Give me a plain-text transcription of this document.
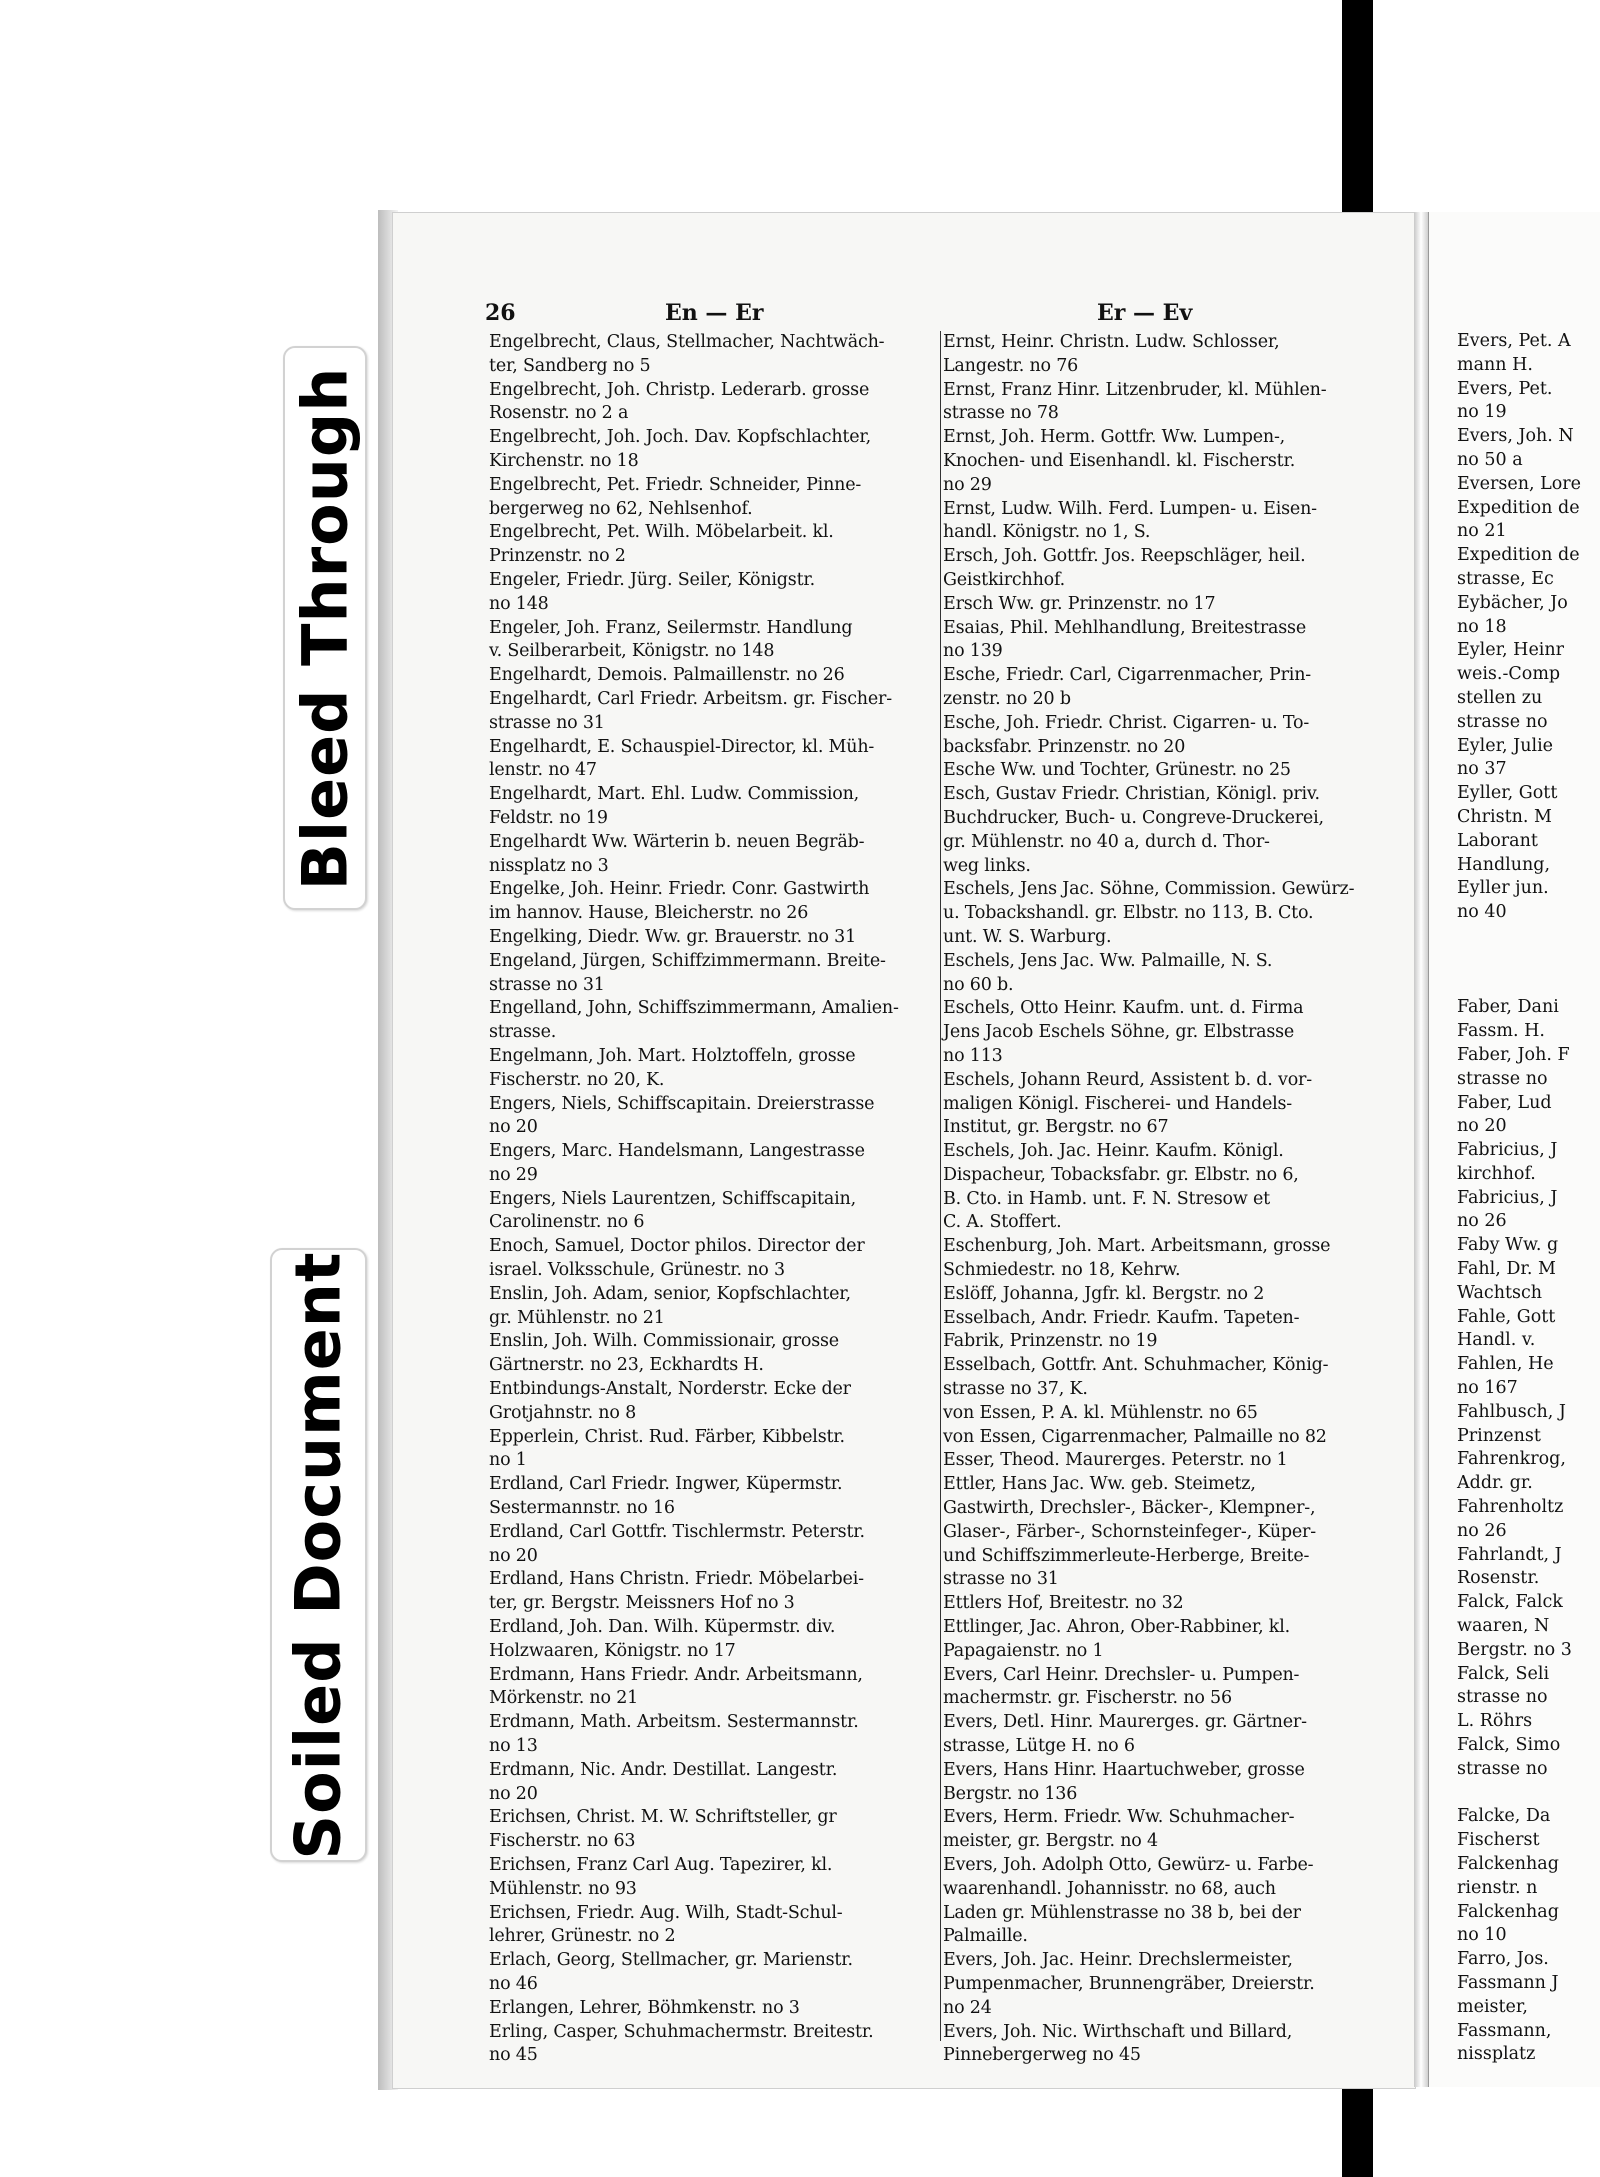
26	En — Er	Er — Ev
Engelbrecht, Claus, Stellmacher, Nachtwäch-
ter, Sandberg no 5
Engelbrecht, Joh. Christp. Lederarb. grosse
Rosenstr. no 2 a
Engelbrecht, Joh. Joch. Dav. Kopfschlachter,
Kirchenstr. no 18
Engelbrecht, Pet. Friedr. Schneider, Pinne-
bergerweg no 62, Nehlsenhof.
Engelbrecht, Pet. Wilh. Möbelarbeit. kl.
Prinzenstr. no 2
Engeler, Friedr. Jürg. Seiler, Königstr.
no 148
Engeler, Joh. Franz, Seilermstr. Handlung
v. Seilberarbeit, Königstr. no 148
Engelhardt, Demois. Palmaillenstr. no 26
Engelhardt, Carl Friedr. Arbeitsm. gr. Fischer-
strasse no 31
Engelhardt, E. Schauspiel-Director, kl. Müh-
lenstr. no 47
Engelhardt, Mart. Ehl. Ludw. Commission,
Feldstr. no 19
Engelhardt Ww. Wärterin b. neuen Begräb-
nissplatz no 3
Engelke, Joh. Heinr. Friedr. Conr. Gastwirth
im hannov. Hause, Bleicherstr. no 26
Engelking, Diedr. Ww. gr. Brauerstr. no 31
Engeland, Jürgen, Schiffzimmermann. Breite-
strasse no 31
Engelland, John, Schiffszimmermann, Amalien-
strasse.
Engelmann, Joh. Mart. Holztoffeln, grosse
Fischerstr. no 20, K.
Engers, Niels, Schiffscapitain. Dreierstrasse
no 20
Engers, Marc. Handelsmann, Langestrasse
no 29
Engers, Niels Laurentzen, Schiffscapitain,
Carolinenstr. no 6
Enoch, Samuel, Doctor philos. Director der
israel. Volksschule, Grünestr. no 3
Enslin, Joh. Adam, senior, Kopfschlachter,
gr. Mühlenstr. no 21
Enslin, Joh. Wilh. Commissionair, grosse
Gärtnerstr. no 23, Eckhardts H.
Entbindungs-Anstalt, Norderstr. Ecke der
Grotjahnstr. no 8
Epperlein, Christ. Rud. Färber, Kibbelstr.
no 1
Erdland, Carl Friedr. Ingwer, Küpermstr.
Sestermannstr. no 16
Erdland, Carl Gottfr. Tischlermstr. Peterstr.
no 20
Erdland, Hans Christn. Friedr. Möbelarbei-
ter, gr. Bergstr. Meissners Hof no 3
Erdland, Joh. Dan. Wilh. Küpermstr. div.
Holzwaaren, Königstr. no 17
Erdmann, Hans Friedr. Andr. Arbeitsmann,
Mörkenstr. no 21
Erdmann, Math. Arbeitsm. Sestermannstr.
no 13
Erdmann, Nic. Andr. Destillat. Langestr.
no 20
Erichsen, Christ. M. W. Schriftsteller, gr
Fischerstr. no 63
Erichsen, Franz Carl Aug. Tapezirer, kl.
Mühlenstr. no 93
Erichsen, Friedr. Aug. Wilh, Stadt-Schul-
lehrer, Grünestr. no 2
Erlach, Georg, Stellmacher, gr. Marienstr.
no 46
Erlangen, Lehrer, Böhmkenstr. no 3
Erling, Casper, Schuhmachermstr. Breitestr.
no 45
Ernst, Heinr. Christn. Ludw. Schlosser,
Langestr. no 76
Ernst, Franz Hinr. Litzenbruder, kl. Mühlen-
strasse no 78
Ernst, Joh. Herm. Gottfr. Ww. Lumpen-,
Knochen- und Eisenhandl. kl. Fischerstr.
no 29
Ernst, Ludw. Wilh. Ferd. Lumpen- u. Eisen-
handl. Königstr. no 1, S.
Ersch, Joh. Gottfr. Jos. Reepschläger, heil.
Geistkirchhof.
Ersch Ww. gr. Prinzenstr. no 17
Esaias, Phil. Mehlhandlung, Breitestrasse
no 139
Esche, Friedr. Carl, Cigarrenmacher, Prin-
zenstr. no 20 b
Esche, Joh. Friedr. Christ. Cigarren- u. To-
backsfabr. Prinzenstr. no 20
Esche Ww. und Tochter, Grünestr. no 25
Esch, Gustav Friedr. Christian, Königl. priv.
Buchdrucker, Buch- u. Congreve-Druckerei,
gr. Mühlenstr. no 40 a, durch d. Thor-
weg links.
Eschels, Jens Jac. Söhne, Commission. Gewürz-
u. Tobackshandl. gr. Elbstr. no 113, B. Cto.
unt. W. S. Warburg.
Eschels, Jens Jac. Ww. Palmaille, N. S.
no 60 b.
Eschels, Otto Heinr. Kaufm. unt. d. Firma
Jens Jacob Eschels Söhne, gr. Elbstrasse
no 113
Eschels, Johann Reurd, Assistent b. d. vor-
maligen Königl. Fischerei- und Handels-
Institut, gr. Bergstr. no 67
Eschels, Joh. Jac. Heinr. Kaufm. Königl.
Dispacheur, Tobacksfabr. gr. Elbstr. no 6,
B. Cto. in Hamb. unt. F. N. Stresow et
C. A. Stoffert.
Eschenburg, Joh. Mart. Arbeitsmann, grosse
Schmiedestr. no 18, Kehrw.
Eslöff, Johanna, Jgfr. kl. Bergstr. no 2
Esselbach, Andr. Friedr. Kaufm. Tapeten-
Fabrik, Prinzenstr. no 19
Esselbach, Gottfr. Ant. Schuhmacher, König-
strasse no 37, K.
von Essen, P. A. kl. Mühlenstr. no 65
von Essen, Cigarrenmacher, Palmaille no 82
Esser, Theod. Maurerges. Peterstr. no 1
Ettler, Hans Jac. Ww. geb. Steimetz,
Gastwirth, Drechsler-, Bäcker-, Klempner-,
Glaser-, Färber-, Schornsteinfeger-, Küper-
und Schiffszimmerleute-Herberge, Breite-
strasse no 31
Ettlers Hof, Breitestr. no 32
Ettlinger, Jac. Ahron, Ober-Rabbiner, kl.
Papagaienstr. no 1
Evers, Carl Heinr. Drechsler- u. Pumpen-
machermstr. gr. Fischerstr. no 56
Evers, Detl. Hinr. Maurerges. gr. Gärtner-
strasse, Lütge H. no 6
Evers, Hans Hinr. Haartuchweber, grosse
Bergstr. no 136
Evers, Herm. Friedr. Ww. Schuhmacher-
meister, gr. Bergstr. no 4
Evers, Joh. Adolph Otto, Gewürz- u. Farbe-
waarenhandl. Johannisstr. no 68, auch
Laden gr. Mühlenstrasse no 38 b, bei der
Palmaille.
Evers, Joh. Jac. Heinr. Drechslermeister,
Pumpenmacher, Brunnengräber, Dreierstr.
no 24
Evers, Joh. Nic. Wirthschaft und Billard,
Pinnebergerweg no 45
Evers, Pet. A
mann H.
Evers, Pet.
no 19
Evers, Joh. N
no 50 a
Eversen, Lore
Expedition de
no 21
Expedition de
strasse, Ec
Eybächer, Jo
no 18
Eyler, Heinr
weis.-Comp
stellen zu
strasse no
Eyler, Julie
no 37
Eyller, Gott
Christn. M
Laborant
Handlung,
Eyller jun.
no 40
Faber, Dani
Fassm. H.
Faber, Joh. F
strasse no
Faber, Lud
no 20
Fabricius, J
kirchhof.
Fabricius, J
no 26
Faby Ww. g
Fahl, Dr. M
Wachtsch
Fahle, Gott
Handl. v.
Fahlen, He
no 167
Fahlbusch, J
Prinzenst
Fahrenkrog,
Addr. gr.
Fahrenholtz
no 26
Fahrlandt, J
Rosenstr.
Falck, Falck
waaren, N
Bergstr. no 3
Falck, Seli
strasse no
L. Röhrs
Falck, Simo
strasse no
Falcke, Da
Fischerst
Falckenhag
rienstr. n
Falckenhag
no 10
Farro, Jos.
Fassmann J
meister,
Fassmann,
nissplatz
Bleed Through
Soiled Document
